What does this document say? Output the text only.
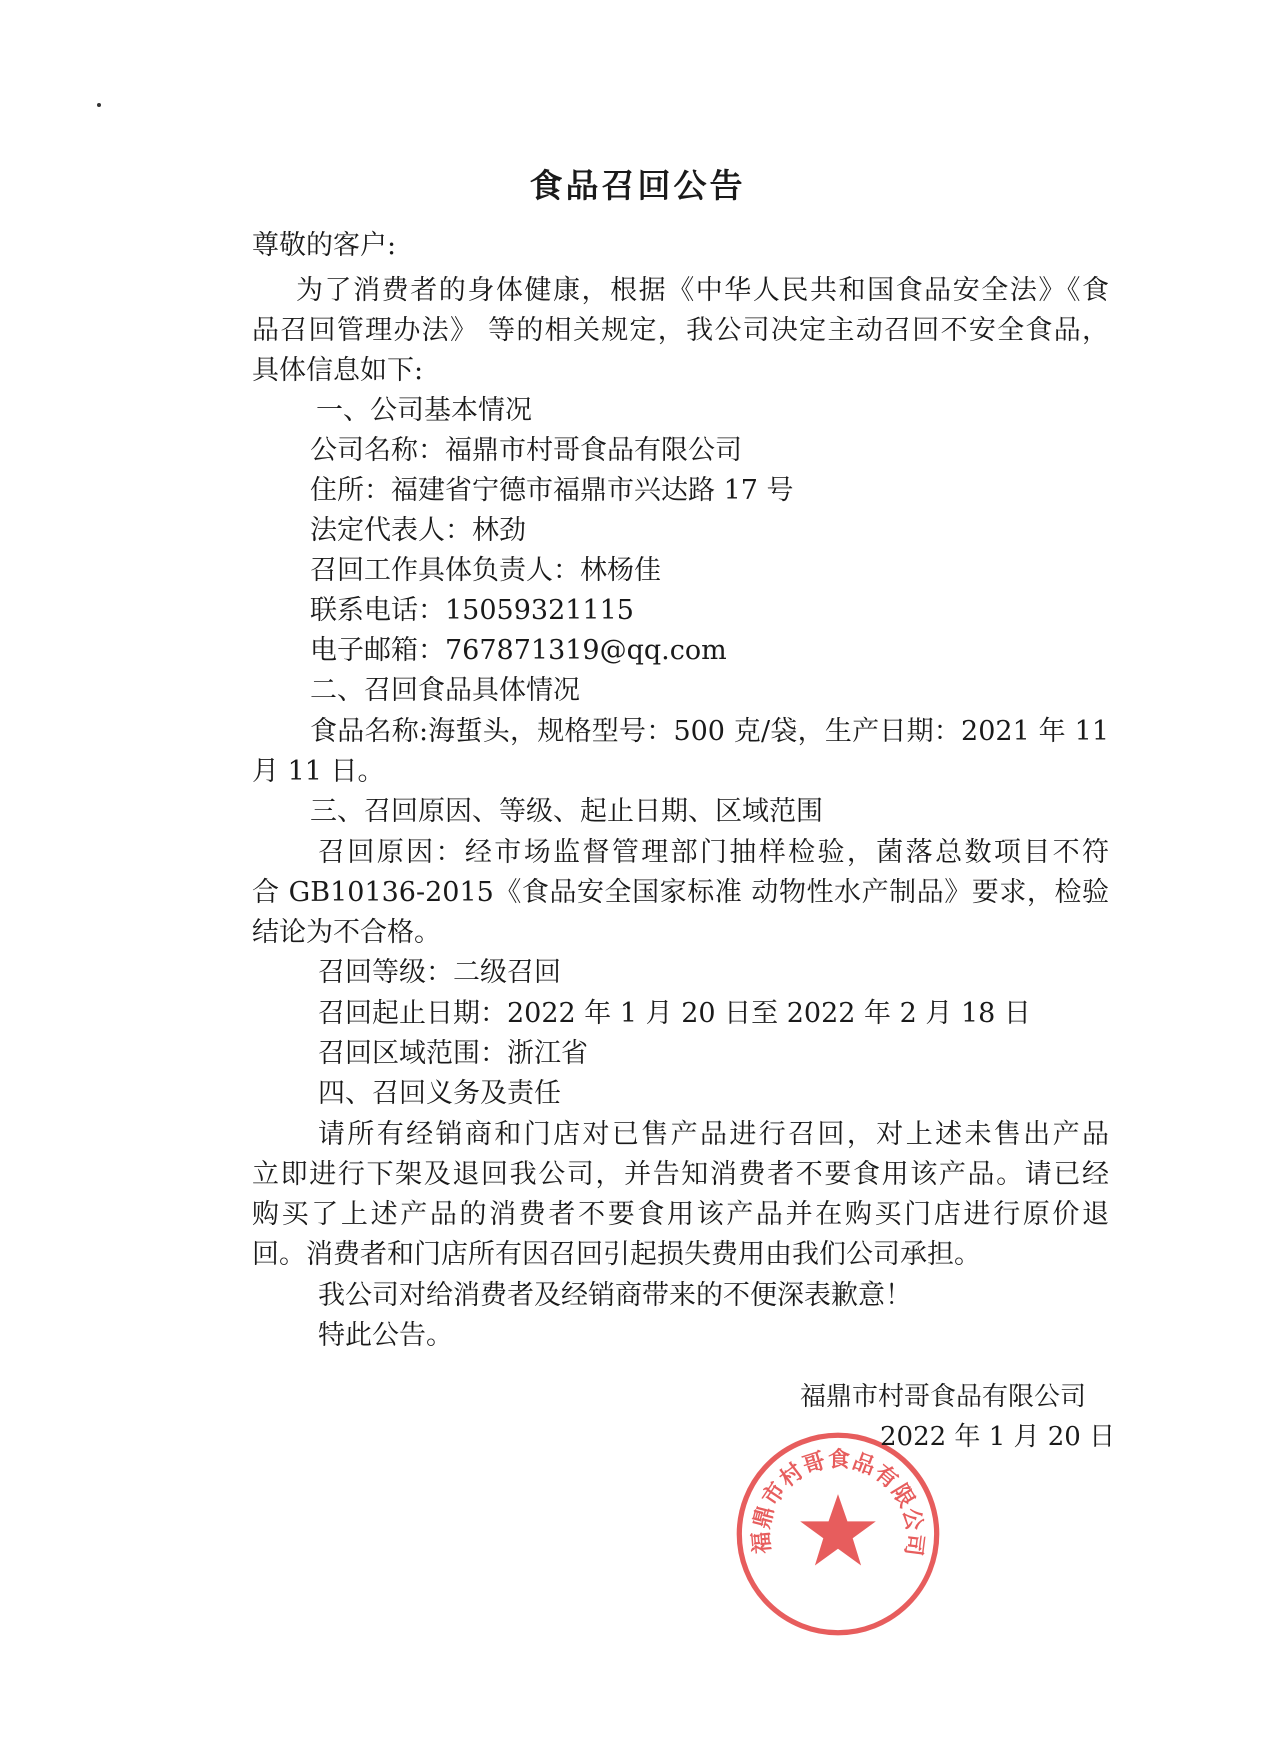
食品召回公告
尊敬的客户:
为了消费者的身体健康，根据《中华人民共和国食品安全法》《食
品召回管理办法》 等的相关规定，我公司决定主动召回不安全食品，
具体信息如下:
一、公司基本情况
公司名称：福鼎市村哥食品有限公司
住所：福建省宁德市福鼎市兴达路 17 号
法定代表人：林劲
召回工作具体负责人：林杨佳
联系电话：15059321115
电子邮箱：767871319@qq.com
二、召回食品具体情况
食品名称:海蜇头，规格型号：500 克/袋，生产日期：2021 年 11
月 11 日。
三、召回原因、等级、起止日期、区域范围
召回原因：经市场监督管理部门抽样检验，菌落总数项目不符
合 GB10136-2015《食品安全国家标准 动物性水产制品》要求，检验
结论为不合格。
召回等级：二级召回
召回起止日期：2022 年 1 月 20 日至 2022 年 2 月 18 日
召回区域范围：浙江省
四、召回义务及责任
请所有经销商和门店对已售产品进行召回，对上述未售出产品
立即进行下架及退回我公司，并告知消费者不要食用该产品。请已经
购买了上述产品的消费者不要食用该产品并在购买门店进行原价退
回。消费者和门店所有因召回引起损失费用由我们公司承担。
我公司对给消费者及经销商带来的不便深表歉意！
特此公告。
福鼎市村哥食品有限公司
福鼎市村哥食品有限公司
2022 年 1 月 20 日
